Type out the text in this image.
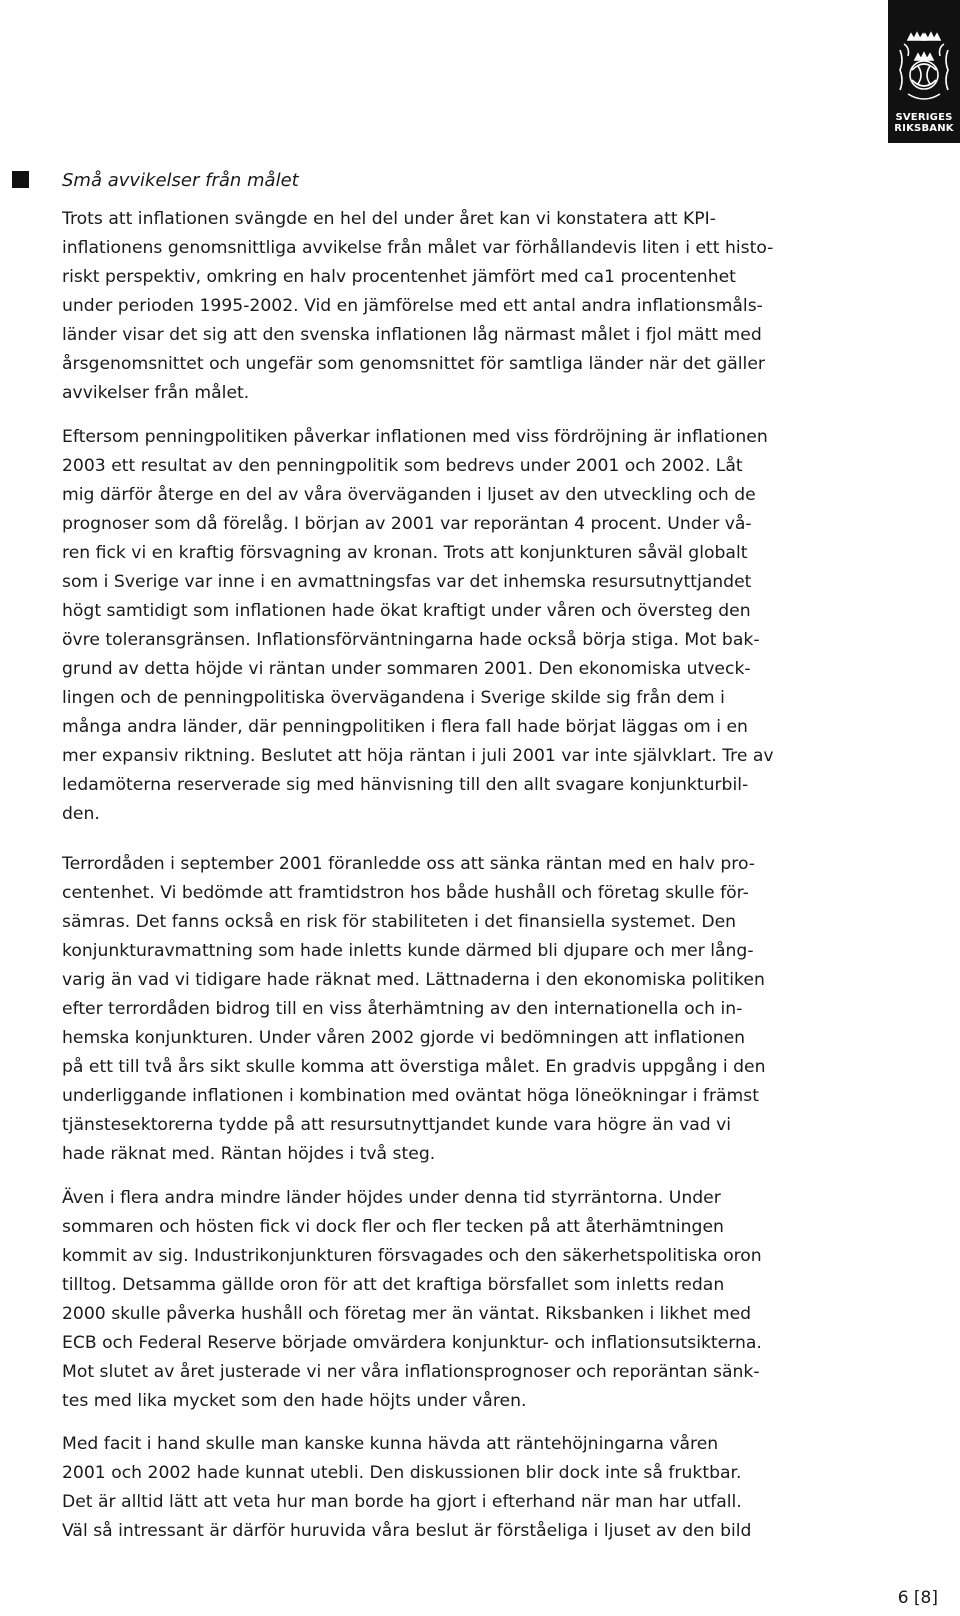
SVERIGES
RIKSBANK
Små avvikelser från målet

Trots att inflationen svängde en hel del under året kan vi konstatera att KPI-
inflationens genomsnittliga avvikelse från målet var förhållandevis liten i ett histo-
riskt perspektiv, omkring en halv procentenhet jämfört med ca1 procentenhet
under perioden 1995-2002. Vid en jämförelse med ett antal andra inflationsmåls-
länder visar det sig att den svenska inflationen låg närmast målet i fjol mätt med
årsgenomsnittet och ungefär som genomsnittet för samtliga länder när det gäller
avvikelser från målet.

Eftersom penningpolitiken påverkar inflationen med viss fördröjning är inflationen
2003 ett resultat av den penningpolitik som bedrevs under 2001 och 2002. Låt
mig därför återge en del av våra överväganden i ljuset av den utveckling och de
prognoser som då förelåg. I början av 2001 var reporäntan 4 procent. Under vå-
ren fick vi en kraftig försvagning av kronan. Trots att konjunkturen såväl globalt
som i Sverige var inne i en avmattningsfas var det inhemska resursutnyttjandet
högt samtidigt som inflationen hade ökat kraftigt under våren och översteg den
övre toleransgränsen. Inflationsförväntningarna hade också börja stiga. Mot bak-
grund av detta höjde vi räntan under sommaren 2001. Den ekonomiska utveck-
lingen och de penningpolitiska övervägandena i Sverige skilde sig från dem i
många andra länder, där penningpolitiken i flera fall hade börjat läggas om i en
mer expansiv riktning. Beslutet att höja räntan i juli 2001 var inte självklart. Tre av
ledamöterna reserverade sig med hänvisning till den allt svagare konjunkturbil-
den.

Terrordåden i september 2001 föranledde oss att sänka räntan med en halv pro-
centenhet. Vi bedömde att framtidstron hos både hushåll och företag skulle för-
sämras. Det fanns också en risk för stabiliteten i det finansiella systemet. Den
konjunkturavmattning som hade inletts kunde därmed bli djupare och mer lång-
varig än vad vi tidigare hade räknat med. Lättnaderna i den ekonomiska politiken
efter terrordåden bidrog till en viss återhämtning av den internationella och in-
hemska konjunkturen. Under våren 2002 gjorde vi bedömningen att inflationen
på ett till två års sikt skulle komma att överstiga målet. En gradvis uppgång i den
underliggande inflationen i kombination med oväntat höga löneökningar i främst
tjänstesektorerna tydde på att resursutnyttjandet kunde vara högre än vad vi
hade räknat med. Räntan höjdes i två steg.

Även i flera andra mindre länder höjdes under denna tid styrräntorna. Under
sommaren och hösten fick vi dock fler och fler tecken på att återhämtningen
kommit av sig. Industrikonjunkturen försvagades och den säkerhetspolitiska oron
tilltog. Detsamma gällde oron för att det kraftiga börsfallet som inletts redan
2000 skulle påverka hushåll och företag mer än väntat. Riksbanken i likhet med
ECB och Federal Reserve började omvärdera konjunktur- och inflationsutsikterna.
Mot slutet av året justerade vi ner våra inflationsprognoser och reporäntan sänk-
tes med lika mycket som den hade höjts under våren.

Med facit i hand skulle man kanske kunna hävda att räntehöjningarna våren
2001 och 2002 hade kunnat utebli. Den diskussionen blir dock inte så fruktbar.
Det är alltid lätt att veta hur man borde ha gjort i efterhand när man har utfall.
Väl så intressant är därför huruvida våra beslut är förståeliga i ljuset av den bild

6 [8]
